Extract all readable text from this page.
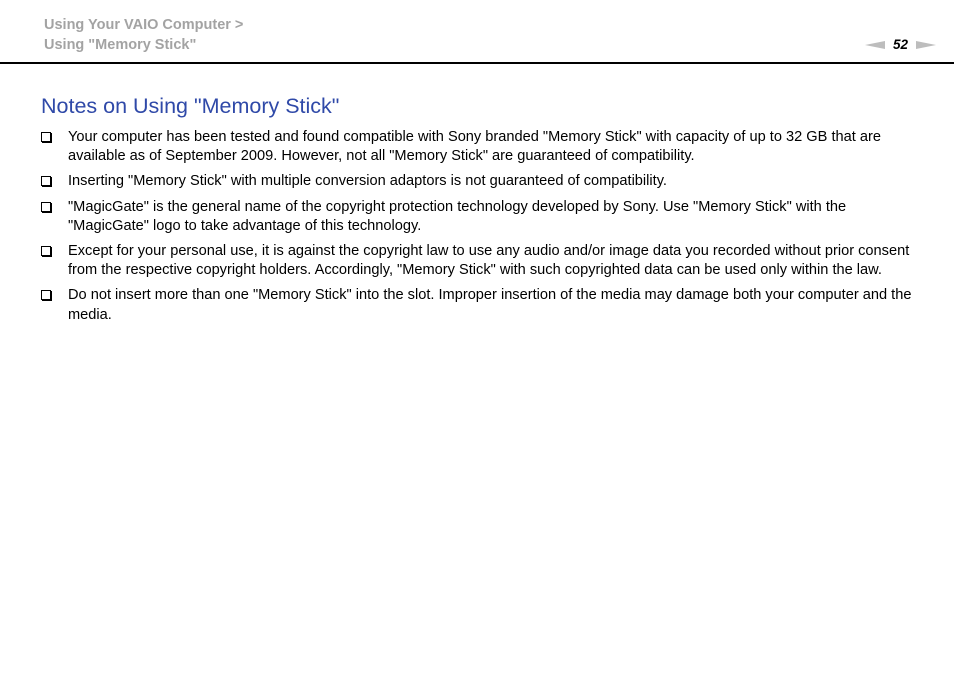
Using Your VAIO Computer >
Using "Memory Stick"	52
Notes on Using "Memory Stick"
Your computer has been tested and found compatible with Sony branded "Memory Stick" with capacity of up to 32 GB that are available as of September 2009. However, not all "Memory Stick" are guaranteed of compatibility.
Inserting "Memory Stick" with multiple conversion adaptors is not guaranteed of compatibility.
"MagicGate" is the general name of the copyright protection technology developed by Sony. Use "Memory Stick" with the "MagicGate" logo to take advantage of this technology.
Except for your personal use, it is against the copyright law to use any audio and/or image data you recorded without prior consent from the respective copyright holders. Accordingly, "Memory Stick" with such copyrighted data can be used only within the law.
Do not insert more than one "Memory Stick" into the slot. Improper insertion of the media may damage both your computer and the media.
